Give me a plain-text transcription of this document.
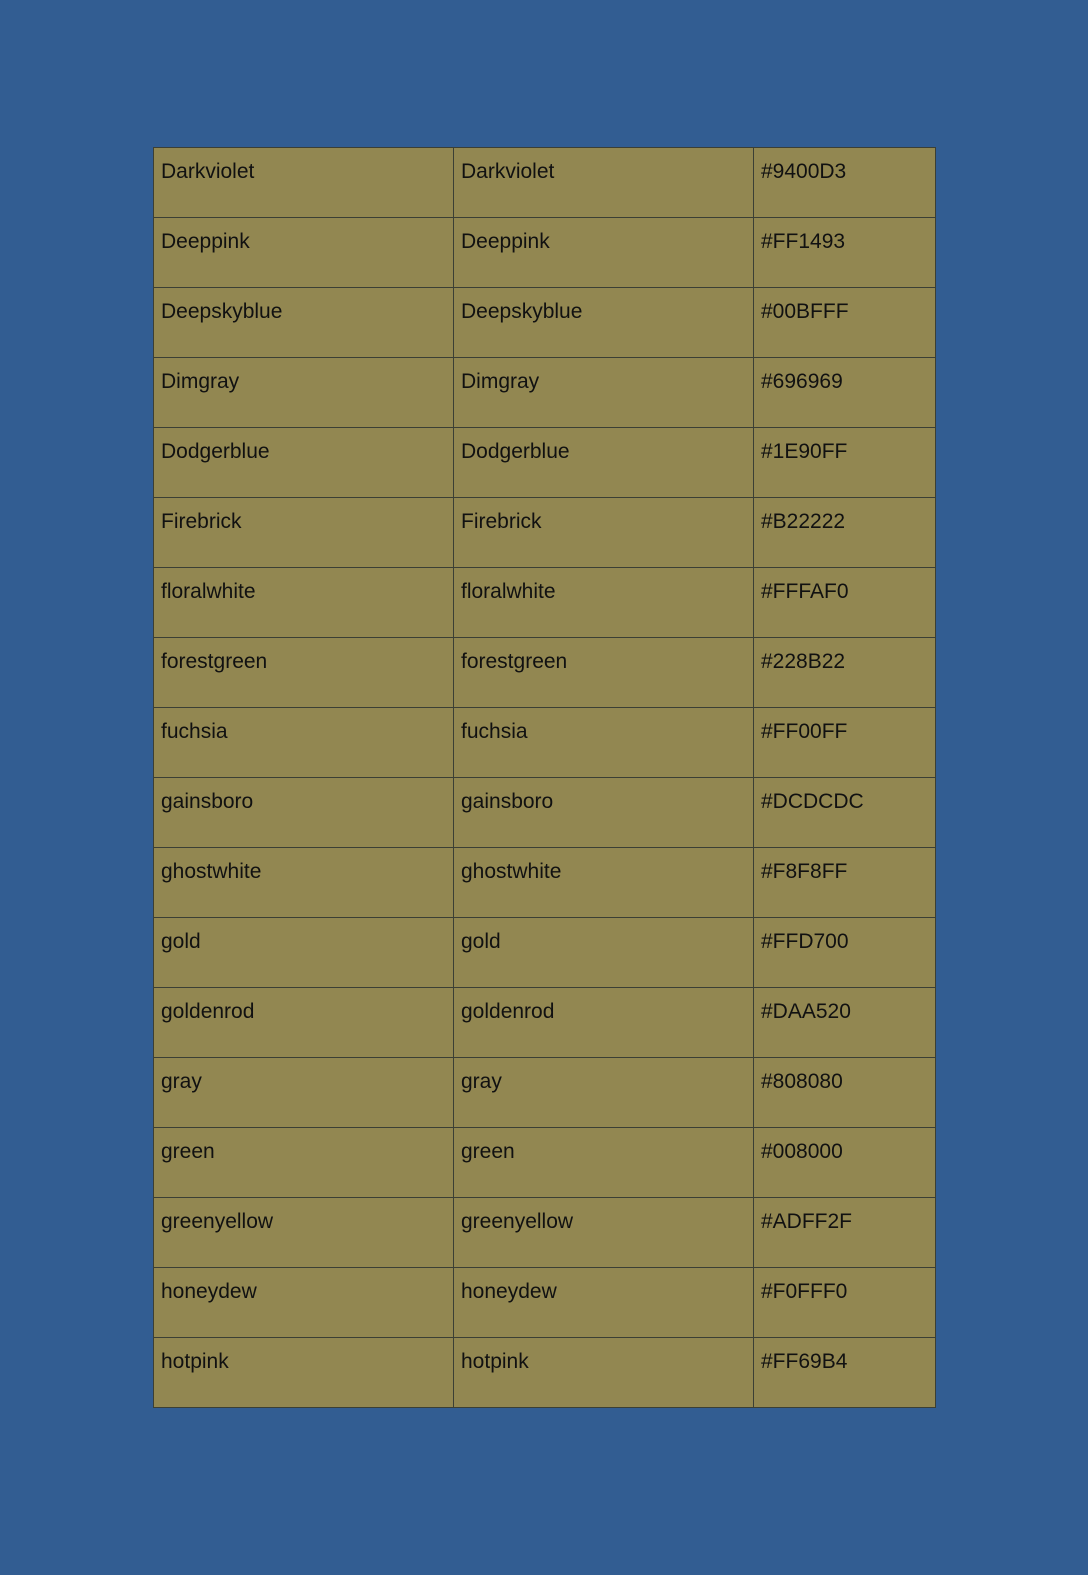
Darkviolet	Darkviolet	#9400D3

Deeppink	Deeppink	#FF1493

Deepskyblue	Deepskyblue	#00BFFF

Dimgray	Dimgray	#696969

Dodgerblue	Dodgerblue	#1E90FF

Firebrick	Firebrick	#B22222

floralwhite	floralwhite	#FFFAF0

forestgreen	forestgreen	#228B22

fuchsia	fuchsia	#FF00FF

gainsboro	gainsboro	#DCDCDC

ghostwhite	ghostwhite	#F8F8FF

gold	gold	#FFD700

goldenrod	goldenrod	#DAA520

gray	gray	#808080

green	green	#008000

greenyellow	greenyellow	#ADFF2F

honeydew	honeydew	#F0FFF0

hotpink	hotpink	#FF69B4
